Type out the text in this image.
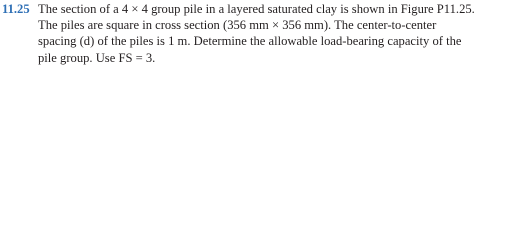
11.25 The section of a 4 × 4 group pile in a layered saturated clay is shown in Figure P11.25.
The piles are square in cross section (356 mm × 356 mm). The center-to-center
spacing (d) of the piles is 1 m. Determine the allowable load-bearing capacity of the
pile group. Use FS = 3.
